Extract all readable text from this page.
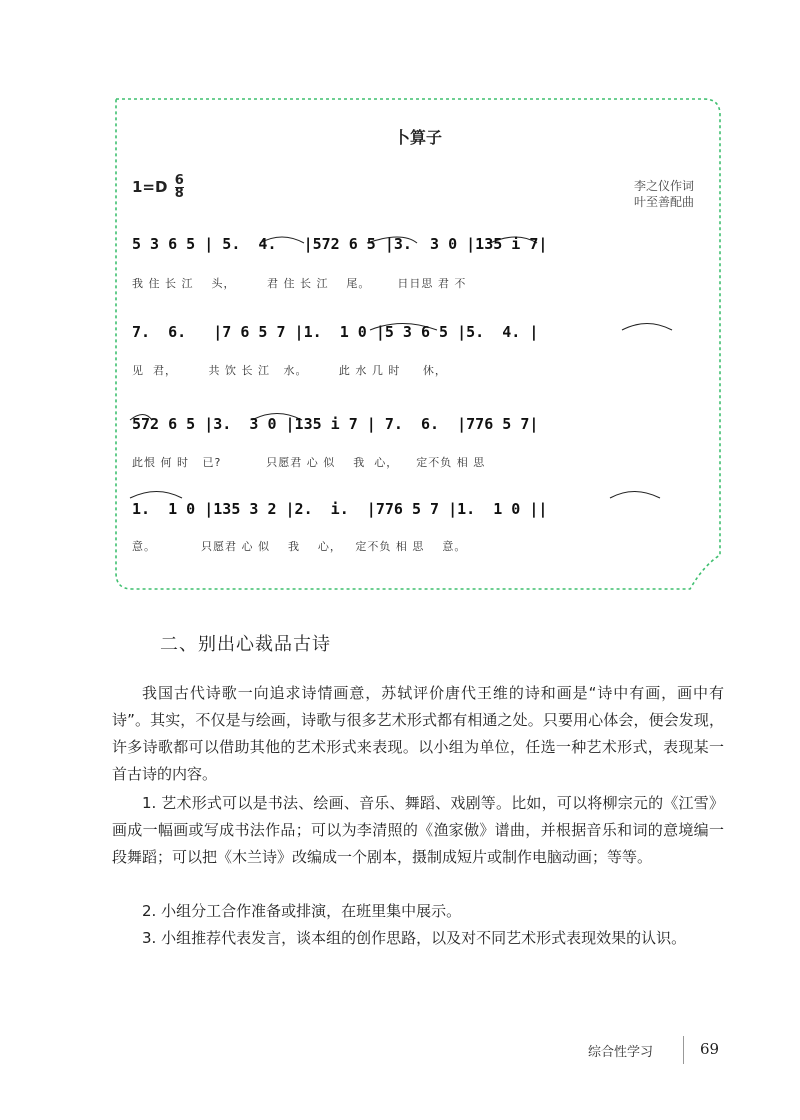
卜算子
$1=D \frac{6}{8}$	李之仪作词
叶至善配曲
5 3 6 5 | 5.  4.   |572 6 5 |3.  3 0 |135 i 7|
我 住 长 江    头，       君 住 长 江    尾。      日日思 君 不
7.  6.   |7 6 5 7 |1.  1 0 |5 3 6 5 |5.  4. |
见  君，       共 饮 长 江   水。       此 水 几 时     休，
572 6 5 |3.  3 0 |135 i 7 | 7.  6.  |776 5 7|
此恨 何 时   已?          只愿君 心 似    我  心，    定不负 相 思
1.  1 0 |135 3 2 |2.  i.  |776 5 7 |1.  1 0 ||
意。          只愿君 心 似    我    心，   定不负 相 思    意。
二、别出心裁品古诗
我国古代诗歌一向追求诗情画意，苏轼评价唐代王维的诗和画是“诗中有画，画中有诗”。其实，不仅是与绘画，诗歌与很多艺术形式都有相通之处。只要用心体会，便会发现，许多诗歌都可以借助其他的艺术形式来表现。以小组为单位，任选一种艺术形式，表现某一首古诗的内容。
1. 艺术形式可以是书法、绘画、音乐、舞蹈、戏剧等。比如，可以将柳宗元的《江雪》画成一幅画或写成书法作品；可以为李清照的《渔家傲》谱曲，并根据音乐和词的意境编一段舞蹈；可以把《木兰诗》改编成一个剧本，摄制成短片或制作电脑动画；等等。
2. 小组分工合作准备或排演，在班里集中展示。
3. 小组推荐代表发言，谈本组的创作思路，以及对不同艺术形式表现效果的认识。
综合性学习	69
